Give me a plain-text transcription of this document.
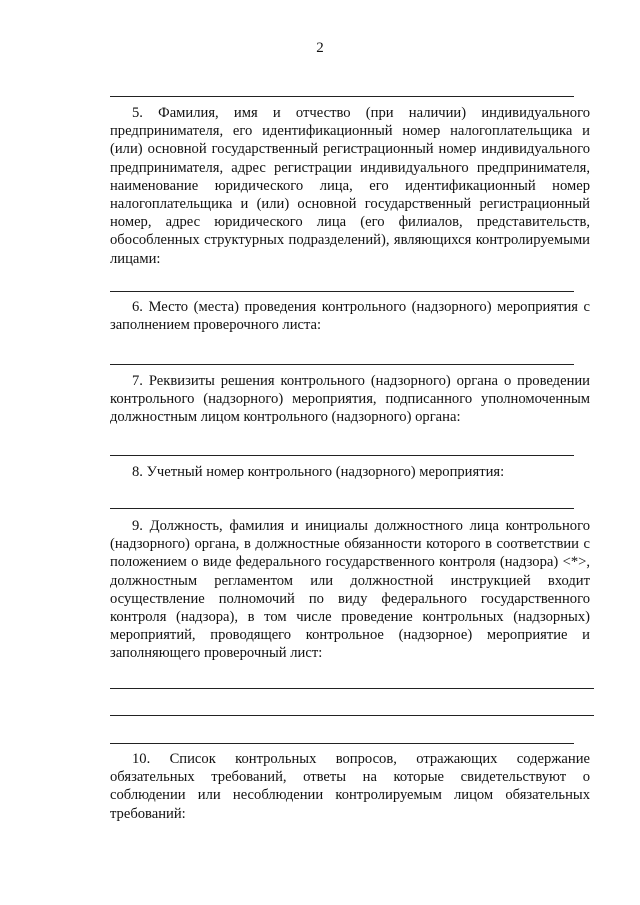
2
5. Фамилия, имя и отчество (при наличии) индивидуального предпринимателя, его идентификационный номер налогоплательщика и (или) основной государственный регистрационный номер индивидуального предпринимателя, адрес регистрации индивидуального предпринимателя, наименование юридического лица, его идентификационный номер налогоплательщика и (или) основной государственный регистрационный номер, адрес юридического лица (его филиалов, представительств, обособленных структурных подразделений), являющихся контролируемыми лицами:
6. Место (места) проведения контрольного (надзорного) мероприятия с заполнением проверочного листа:
7. Реквизиты решения контрольного (надзорного) органа о проведении контрольного (надзорного) мероприятия, подписанного уполномоченным должностным лицом контрольного (надзорного) органа:
8. Учетный номер контрольного (надзорного) мероприятия:
9. Должность, фамилия и инициалы должностного лица контрольного (надзорного) органа, в должностные обязанности которого в соответствии с положением о виде федерального государственного контроля (надзора) <*>, должностным регламентом или должностной инструкцией входит осуществление полномочий по виду федерального государственного контроля (надзора), в том числе проведение контрольных (надзорных) мероприятий, проводящего контрольное (надзорное) мероприятие и заполняющего проверочный лист:
10. Список контрольных вопросов, отражающих содержание обязательных требований, ответы на которые свидетельствуют о соблюдении или несоблюдении контролируемым лицом обязательных требований:
